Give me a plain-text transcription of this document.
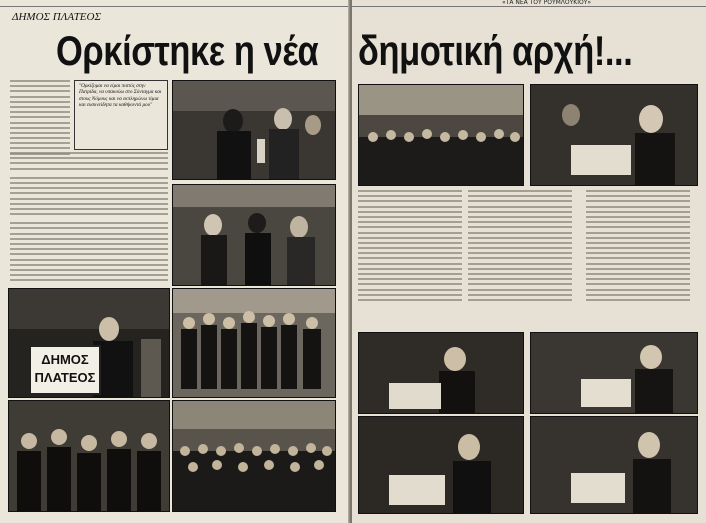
ΔΗΜΟΣ ΠΛΑΤΕΟΣ
Ορκίστηκε η νέα
"Ορκίζομαι να είμαι πιστός στην Πατρίδα, να υπακούω στο Σύνταγμα και στους Νόμους και να εκπληρώνω τίμια και ευσυνείδητα τα καθήκοντά μου"
ΔΗΜΟΣ ΠΛΑΤΕΟΣ
«ΤΑ ΝΕΑ ΤΟΥ ΡΟΥΜΛΟΥΚΙΟΥ»
δημοτική αρχή!...
